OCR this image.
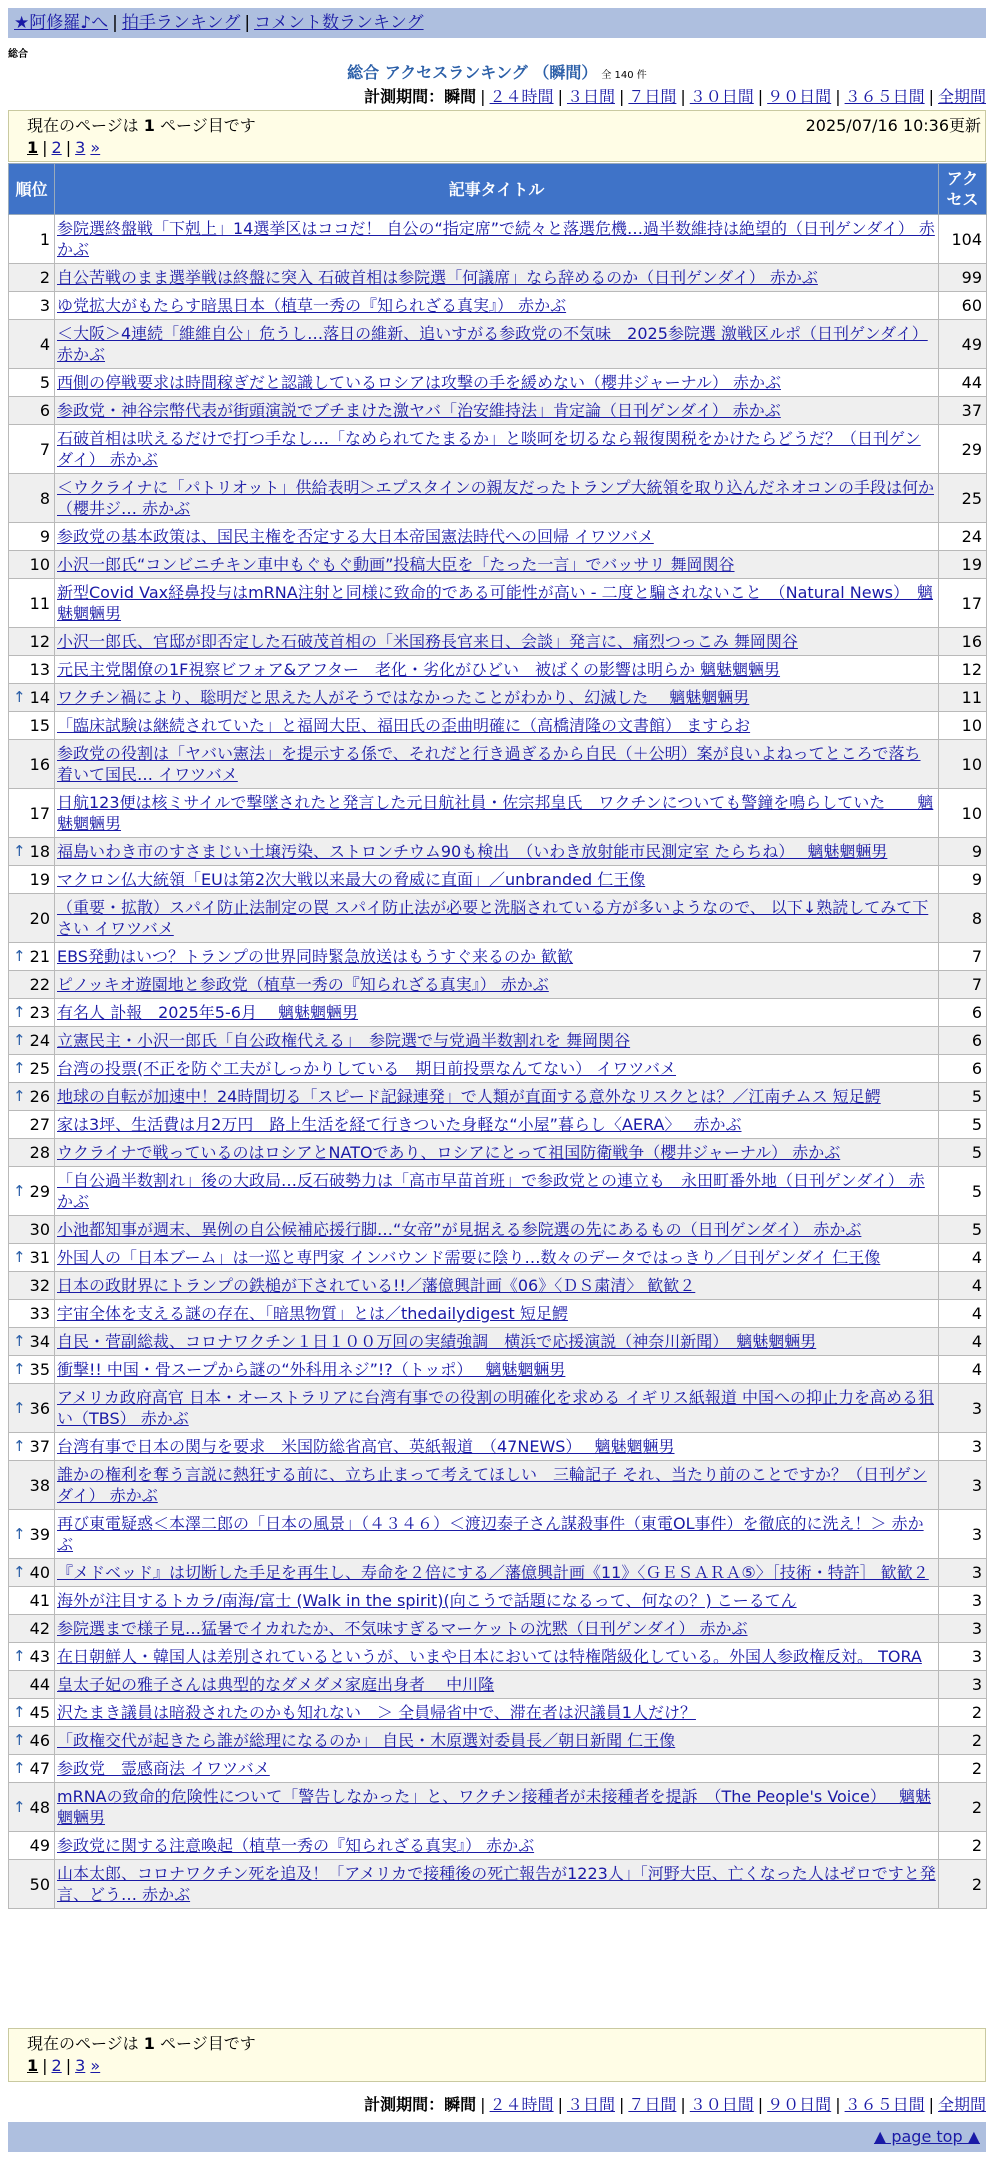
★阿修羅♪へ | 拍手ランキング | コメント数ランキング
総合
総合 アクセスランキング （瞬間） 全 140 件
計測期間：瞬間 | ２４時間 | ３日間 | ７日間 | ３０日間 | ９０日間 | ３６５日間 | 全期間
現在のページは 1 ページ目です	2025/07/16 10:36更新
1 | 2 | 3 »
順位	記事タイトル	アクセス
1	参院選終盤戦「下剋上」14選挙区はココだ！ 自公の“指定席”で続々と落選危機…過半数維持は絶望的（日刊ゲンダイ） 赤かぶ	104
2	自公苦戦のまま選挙戦は終盤に突入 石破首相は参院選「何議席」なら辞めるのか（日刊ゲンダイ） 赤かぶ	99
3	ゆ党拡大がもたらす暗黒日本（植草一秀の『知られざる真実』） 赤かぶ	60
4	＜大阪＞4連続「維維自公」危うし…落日の維新、追いすがる参政党の不気味　2025参院選 激戦区ルポ（日刊ゲンダイ） 赤かぶ	49
5	西側の停戦要求は時間稼ぎだと認識しているロシアは攻撃の手を緩めない（櫻井ジャーナル） 赤かぶ	44
6	参政党・神谷宗幣代表が街頭演説でブチまけた激ヤバ「治安維持法」肯定論（日刊ゲンダイ） 赤かぶ	37
7	石破首相は吠えるだけで打つ手なし…「なめられてたまるか」と啖呵を切るなら報復関税をかけたらどうだ？（日刊ゲンダイ） 赤かぶ	29
8	＜ウクライナに「パトリオット」供給表明＞エプスタインの親友だったトランプ大統領を取り込んだネオコンの手段は何か（櫻井ジ… 赤かぶ	25
9	参政党の基本政策は、国民主権を否定する大日本帝国憲法時代への回帰 イワツバメ	24
10	小沢一郎氏“コンビニチキン車中もぐもぐ動画”投稿大臣を「たった一言」でバッサリ 舞岡関谷	19
11	新型Covid Vax経鼻投与はmRNA注射と同様に致命的である可能性が高い - 二度と騙されないこと　（Natural News）　魑魅魍魎男	17
12	小沢一郎氏、官邸が即否定した石破茂首相の「米国務長官来日、会談」発言に、痛烈つっこみ 舞岡関谷	16
13	元民主党閣僚の1F視察ビフォア&アフター　老化・劣化がひどい　被ばくの影響は明らか 魑魅魍魎男	12

↑ 14	ワクチン禍により、聡明だと思えた人がそうではなかったことがわかり、幻滅した　 魑魅魍魎男	11
15	「臨床試験は継続されていた」と福岡大臣、福田氏の歪曲明確に（高橋清隆の文書館） ますらお	10
16	参政党の役割は「ヤバい憲法」を提示する係で、それだと行き過ぎるから自民（＋公明）案が良いよねってところで落ち着いて国民… イワツバメ	10
17	日航123便は核ミサイルで撃墜されたと発言した元日航社員・佐宗邦皇氏　ワクチンについても警鐘を鳴らしていた　　魑魅魍魎男	10

↑ 18	福島いわき市のすさまじい土壌汚染、ストロンチウム90も検出　（いわき放射能市民測定室 たらちね）　 魑魅魍魎男	9
19	マクロン仏大統領「EUは第2次大戦以来最大の脅威に直面」／unbranded 仁王像	9
20	（重要・拡散）スパイ防止法制定の罠 スパイ防止法が必要と洗脳されている方が多いようなので、 以下↓熟読してみて下さい イワツバメ	8

↑ 21	EBS発動はいつ？トランプの世界同時緊急放送はもうすぐ来るのか 歓歓	7
22	ピノッキオ遊園地と参政党（植草一秀の『知られざる真実』） 赤かぶ	7

↑ 23	有名人 訃報　2025年5-6月　 魑魅魍魎男	6

↑ 24	立憲民主・小沢一郎氏「自公政権代える」　参院選で与党過半数割れを 舞岡関谷	6

↑ 25	台湾の投票(不正を防ぐ工夫がしっかりしている　期日前投票なんてない） イワツバメ	6

↑ 26	地球の自転が加速中！24時間切る「スピード記録連発」で人類が直面する意外なリスクとは？／江南チムス 短足鰐	5
27	家は3坪、生活費は月2万円　路上生活を経て行きついた身軽な“小屋”暮らし〈AERA〉　 赤かぶ	5
28	ウクライナで戦っているのはロシアとNATOであり、ロシアにとって祖国防衛戦争（櫻井ジャーナル） 赤かぶ	5

↑ 29	「自公過半数割れ」後の大政局…反石破勢力は「高市早苗首班」で参政党との連立も　永田町番外地（日刊ゲンダイ） 赤かぶ	5
30	小池都知事が週末、異例の自公候補応援行脚…“女帝”が見据える参院選の先にあるもの（日刊ゲンダイ） 赤かぶ	5

↑ 31	外国人の「日本ブーム」は一巡と専門家 インバウンド需要に陰り…数々のデータではっきり／日刊ゲンダイ 仁王像	4
32	日本の政財界にトランプの鉄槌が下されている!!／藩億興計画《06》〈ＤＳ粛清〉 歓歓２	4
33	宇宙全体を支える謎の存在、「暗黒物質」とは／thedailydigest 短足鰐	4

↑ 34	自民・菅副総裁、コロナワクチン１日１００万回の実績強調　横浜で応援演説（神奈川新聞）　魑魅魍魎男	4

↑ 35	衝撃!! 中国・骨スープから謎の“外科用ネジ”!?（トッポ）　 魑魅魍魎男	4

↑ 36	アメリカ政府高官 日本・オーストラリアに台湾有事での役割の明確化を求める イギリス紙報道 中国への抑止力を高める狙い（TBS） 赤かぶ	3

↑ 37	台湾有事で日本の関与を要求　米国防総省高官、英紙報道　（47NEWS）　 魑魅魍魎男	3
38	誰かの権利を奪う言説に熱狂する前に、立ち止まって考えてほしい　三輪記子 それ、当たり前のことですか？（日刊ゲンダイ） 赤かぶ	3

↑ 39	再び東電疑惑＜本澤二郎の「日本の風景」（４３４６）＜渡辺泰子さん謀殺事件（東電OL事件）を徹底的に洗え！＞ 赤かぶ	3

↑ 40	『メドベッド』は切断した手足を再生し、寿命を２倍にする／藩億興計画《11》〈ＧＥＳＡＲＡ⑤〉［技術・特許］ 歓歓２	3
41	海外が注目するトカラ/南海/富士 (Walk in the spirit)(向こうで話題になるって、何なの？) こーるてん	3
42	参院選まで様子見…猛暑でイカれたか、不気味すぎるマーケットの沈黙（日刊ゲンダイ） 赤かぶ	3

↑ 43	在日朝鮮人・韓国人は差別されているというが、いまや日本においては特権階級化している。外国人参政権反対。 TORA	3
44	皇太子妃の雅子さんは典型的なダメダメ家庭出身者　 中川隆	3

↑ 45	沢たまき議員は暗殺されたのかも知れない　＞ 全員帰省中で、滞在者は沢議員1人だけ？	2

↑ 46	「政権交代が起きたら誰が総理になるのか」 自民・木原選対委員長／朝日新聞 仁王像	2

↑ 47	参政党　霊感商法 イワツバメ	2

↑ 48	mRNAの致命的危険性について「警告しなかった」と、ワクチン接種者が未接種者を提訴　（The People's Voice）　 魑魅魍魎男	2
49	参政党に関する注意喚起（植草一秀の『知られざる真実』） 赤かぶ	2
50	山本太郎、コロナワクチン死を追及！「アメリカで接種後の死亡報告が1223人」「河野大臣、亡くなった人はゼロですと発言、どう… 赤かぶ	2
現在のページは 1 ページ目です
1 | 2 | 3 »
計測期間：瞬間 | ２４時間 | ３日間 | ７日間 | ３０日間 | ９０日間 | ３６５日間 | 全期間
▲ page top ▲
